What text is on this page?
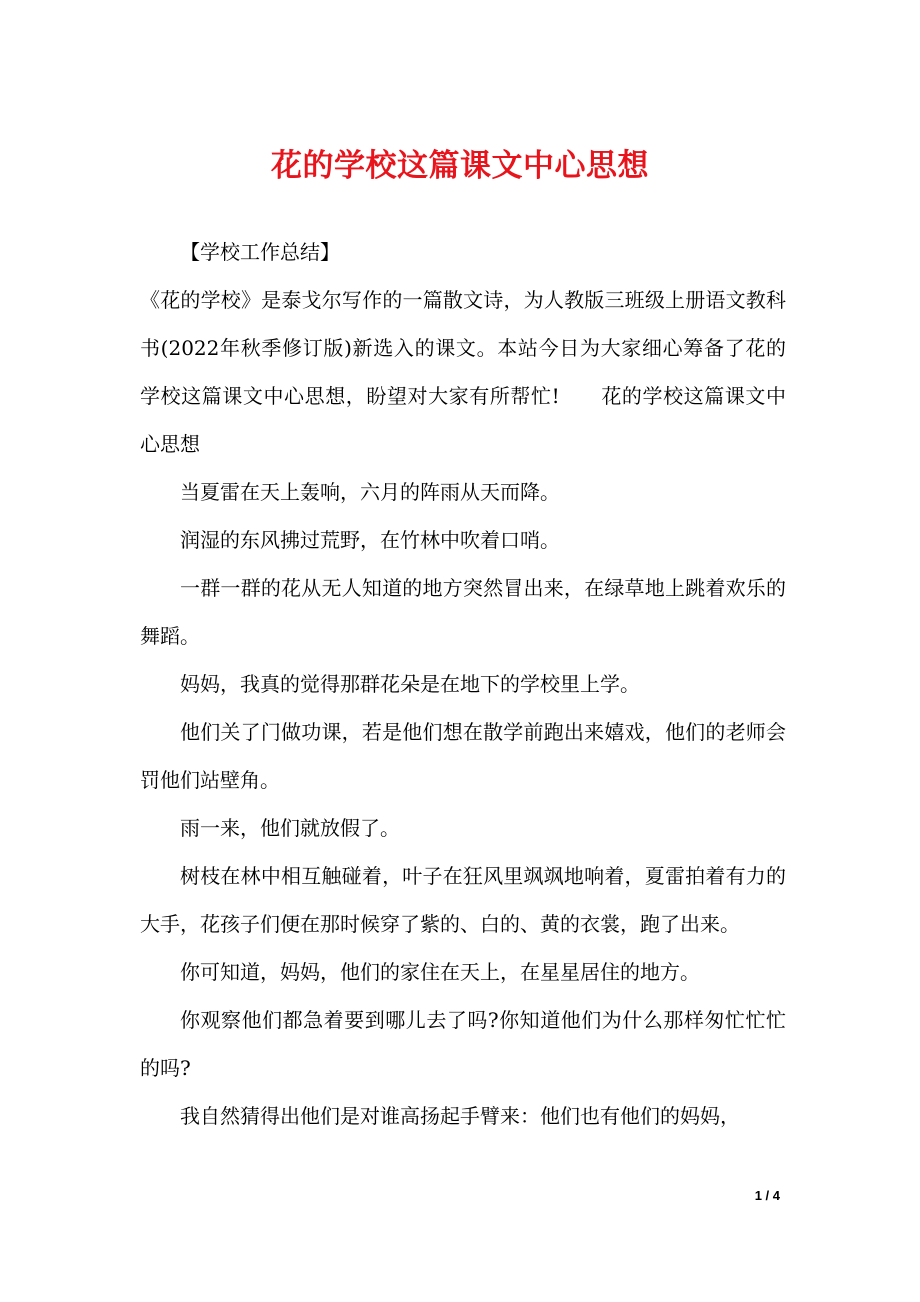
花的学校这篇课文中心思想

【学校工作总结】

《花的学校》是泰戈尔写作的一篇散文诗，为人教版三班级上册语文教科书(2022年秋季修订版)新选入的课文。本站今日为大家细心筹备了花的学校这篇课文中心思想，盼望对大家有所帮忙!　　花的学校这篇课文中心思想

当夏雷在天上轰响，六月的阵雨从天而降。

润湿的东风拂过荒野，在竹林中吹着口哨。

一群一群的花从无人知道的地方突然冒出来，在绿草地上跳着欢乐的舞蹈。

妈妈，我真的觉得那群花朵是在地下的学校里上学。

他们关了门做功课，若是他们想在散学前跑出来嬉戏，他们的老师会罚他们站壁角。

雨一来，他们就放假了。

树枝在林中相互触碰着，叶子在狂风里飒飒地响着，夏雷拍着有力的大手，花孩子们便在那时候穿了紫的、白的、黄的衣裳，跑了出来。

你可知道，妈妈，他们的家住在天上，在星星居住的地方。

你观察他们都急着要到哪儿去了吗?你知道他们为什么那样匆忙忙忙的吗?

我自然猜得出他们是对谁高扬起手臂来：他们也有他们的妈妈，

1 / 4
